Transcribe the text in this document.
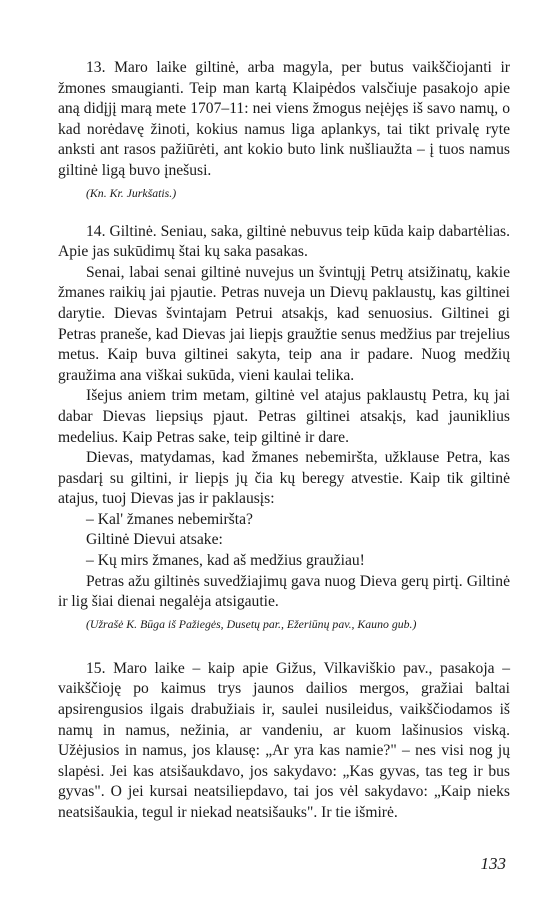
13. Maro laike giltinė, arba magyla, per butus vaikščiojanti ir žmones smaugianti. Teip man kartą Klaipėdos valsčiuje pasakojo apie aną didįjį marą mete 1707–11: nei viens žmogus neįėjęs iš savo namų, o kad norėdavę žinoti, kokius namus liga aplankys, tai tikt privalę ryte anksti ant rasos pažiūrėti, ant kokio buto link nušliaužta – į tuos namus giltinė ligą buvo įnešusi.

(Kn. Kr. Jurkšatis.)

14. Giltinė. Seniau, saka, giltinė nebuvus teip kūda kaip dabartėlias. Apie jas sukūdimų štai kų saka pasakas.

Senai, labai senai giltinė nuvejus un švintųjį Petrų atsižinatų, kakie žmanes raikių jai pjautie. Petras nuveja un Dievų paklaustų, kas giltinei darytie. Dievas švintajam Petrui atsakįs, kad senuosius. Giltinei gi Petras praneše, kad Dievas jai liepįs graužtie senus medžius par trejelius metus. Kaip buva giltinei sakyta, teip ana ir padare. Nuog medžių graužima ana viškai sukūda, vieni kaulai telika.

Išejus aniem trim metam, giltinė vel atajus paklaustų Petra, kų jai dabar Dievas liepsiųs pjaut. Petras giltinei atsakįs, kad jauniklius medelius. Kaip Petras sake, teip giltinė ir dare.

Dievas, matydamas, kad žmanes nebemiršta, užklause Petra, kas pasdarį su giltini, ir liepįs jų čia kų beregy atvestie. Kaip tik giltinė atajus, tuoj Dievas jas ir paklausįs:

– Kal' žmanes nebemiršta?

Giltinė Dievui atsake:

– Kų mirs žmanes, kad aš medžius graužiau!

Petras ažu giltinės suvedžiajimų gava nuog Dieva gerų pirtį. Giltinė ir lig šiai dienai negalėja atsigautie.

(Užrašė K. Būga iš Pažiegės, Dusetų par., Ežeriūnų pav., Kauno gub.)

15. Maro laike – kaip apie Gižus, Vilkaviškio pav., pasakoja – vaikščioję po kaimus trys jaunos dailios mergos, gražiai baltai apsirengusios ilgais drabužiais ir, saulei nusileidus, vaikščiodamos iš namų in namus, nežinia, ar vandeniu, ar kuom lašinusios viską. Užėjusios in namus, jos klausę: „Ar yra kas namie?" – nes visi nog jų slapėsi. Jei kas atsišaukdavo, jos sakydavo: „Kas gyvas, tas teg ir bus gyvas". O jei kursai neatsiliepdavo, tai jos vėl sakydavo: „Kaip nieks neatsišaukia, tegul ir niekad neatsišauks". Ir tie išmirė.

133
